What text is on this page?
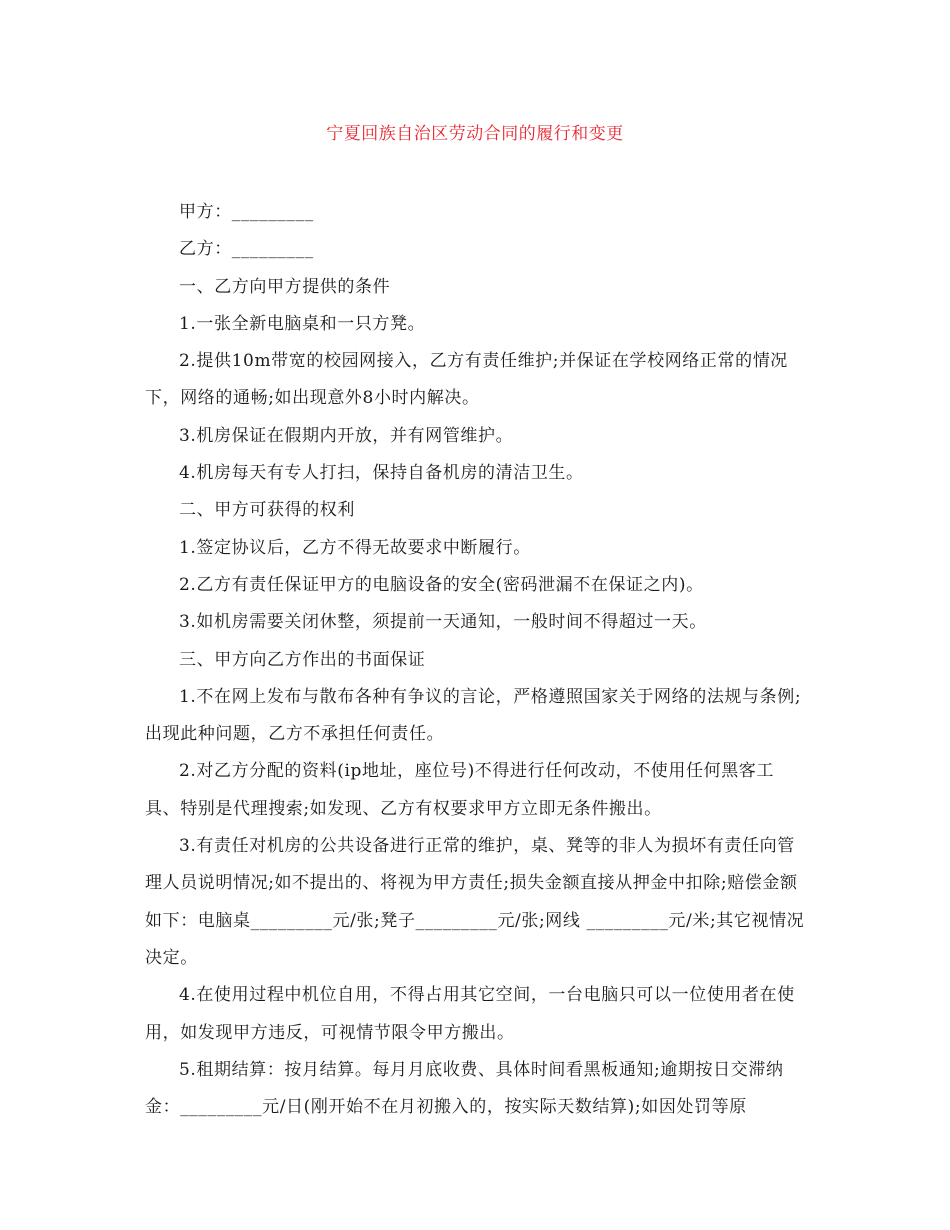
宁夏回族自治区劳动合同的履行和变更

甲方：_________

乙方：_________

一、乙方向甲方提供的条件

1.一张全新电脑桌和一只方凳。

2.提供10m带宽的校园网接入，乙方有责任维护;并保证在学校网络正常的情况下，网络的通畅;如出现意外8小时内解决。

3.机房保证在假期内开放，并有网管维护。

4.机房每天有专人打扫，保持自备机房的清洁卫生。

二、甲方可获得的权利

1.签定协议后，乙方不得无故要求中断履行。

2.乙方有责任保证甲方的电脑设备的安全(密码泄漏不在保证之内)。

3.如机房需要关闭休整，须提前一天通知，一般时间不得超过一天。

三、甲方向乙方作出的书面保证

1.不在网上发布与散布各种有争议的言论，严格遵照国家关于网络的法规与条例;出现此种问题，乙方不承担任何责任。

2.对乙方分配的资料(ip地址，座位号)不得进行任何改动，不使用任何黑客工具、特别是代理搜索;如发现、乙方有权要求甲方立即无条件搬出。

3.有责任对机房的公共设备进行正常的维护，桌、凳等的非人为损坏有责任向管理人员说明情况;如不提出的、将视为甲方责任;损失金额直接从押金中扣除;赔偿金额如下：电脑桌_________元/张;凳子_________元/张;网线 _________元/米;其它视情况决定。

4.在使用过程中机位自用，不得占用其它空间，一台电脑只可以一位使用者在使用，如发现甲方违反，可视情节限令甲方搬出。

5.租期结算：按月结算。每月月底收费、具体时间看黑板通知;逾期按日交滞纳金：_________元/日(刚开始不在月初搬入的，按实际天数结算);如因处罚等原
